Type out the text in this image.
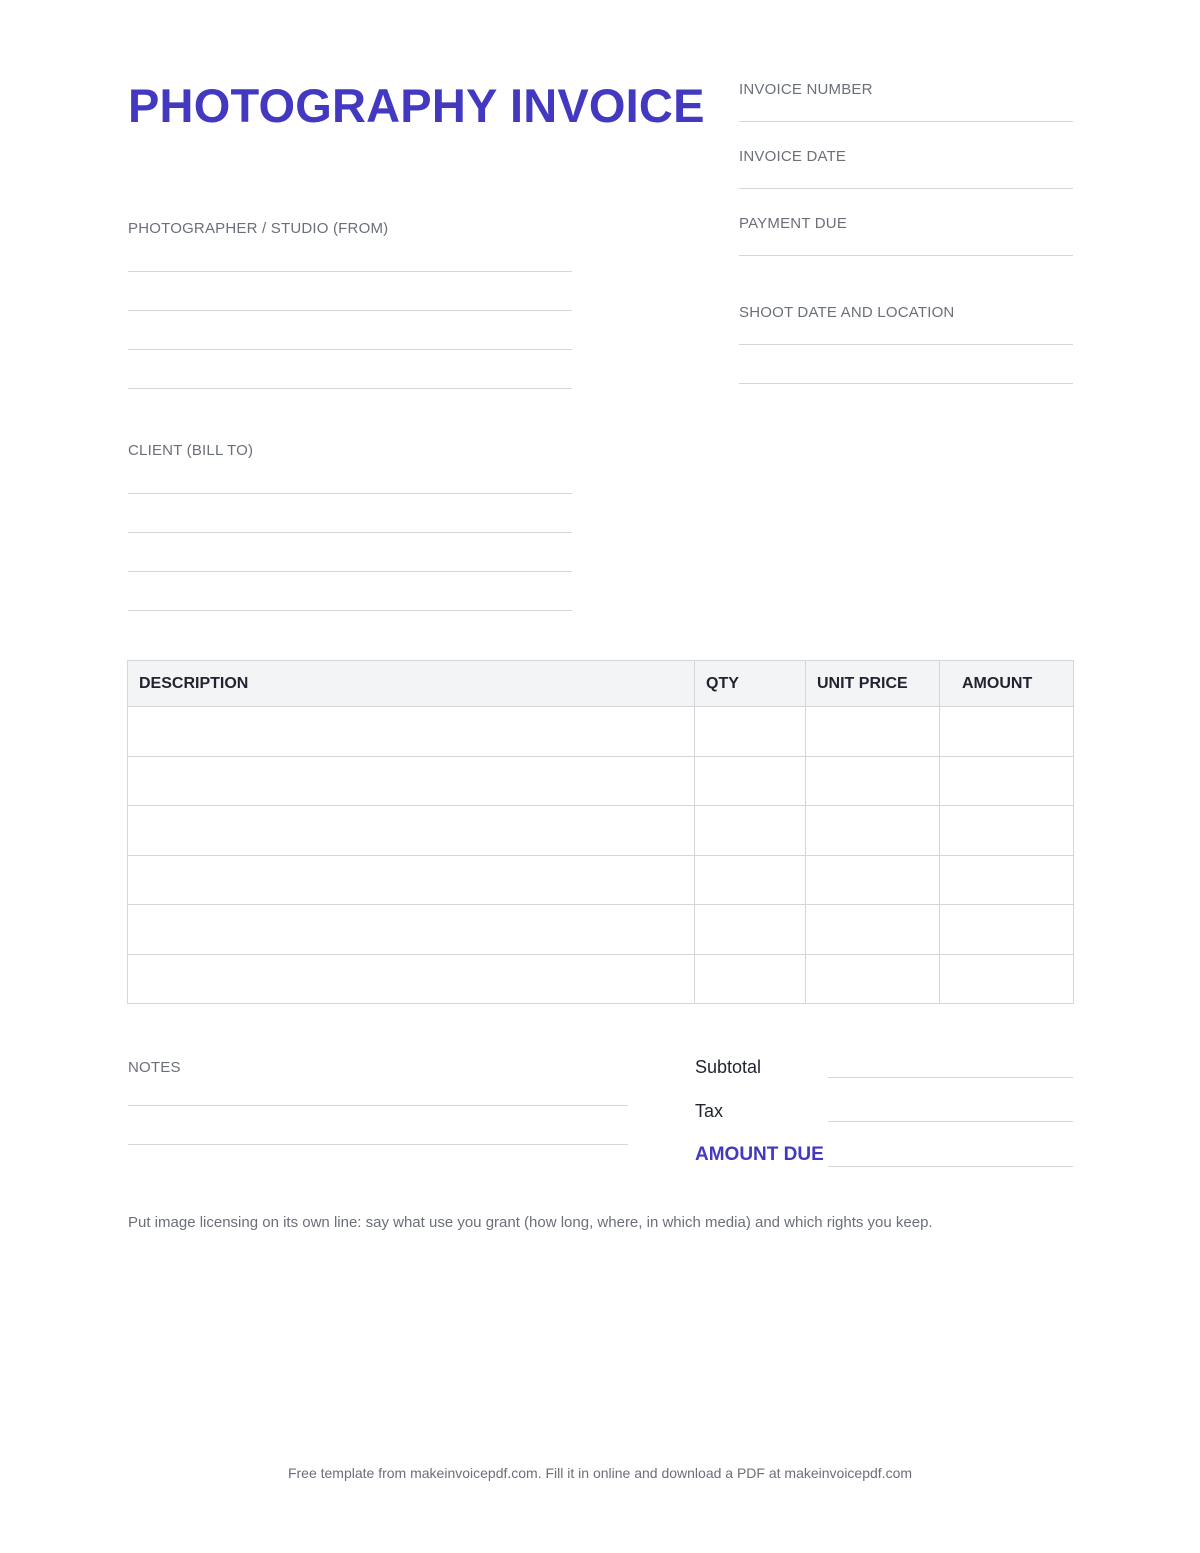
PHOTOGRAPHY INVOICE INVOICE NUMBER
INVOICE DATE
PAYMENT DUE
SHOOT DATE AND LOCATION
PHOTOGRAPHER / STUDIO (FROM)
CLIENT (BILL TO)
DESCRIPTION	QTY	UNIT PRICE	AMOUNT

NOTES	Subtotal
Tax
AMOUNT DUE
Put image licensing on its own line: say what use you grant (how long, where, in which media) and which rights you keep.
Free template from makeinvoicepdf.com. Fill it in online and download a PDF at makeinvoicepdf.com
